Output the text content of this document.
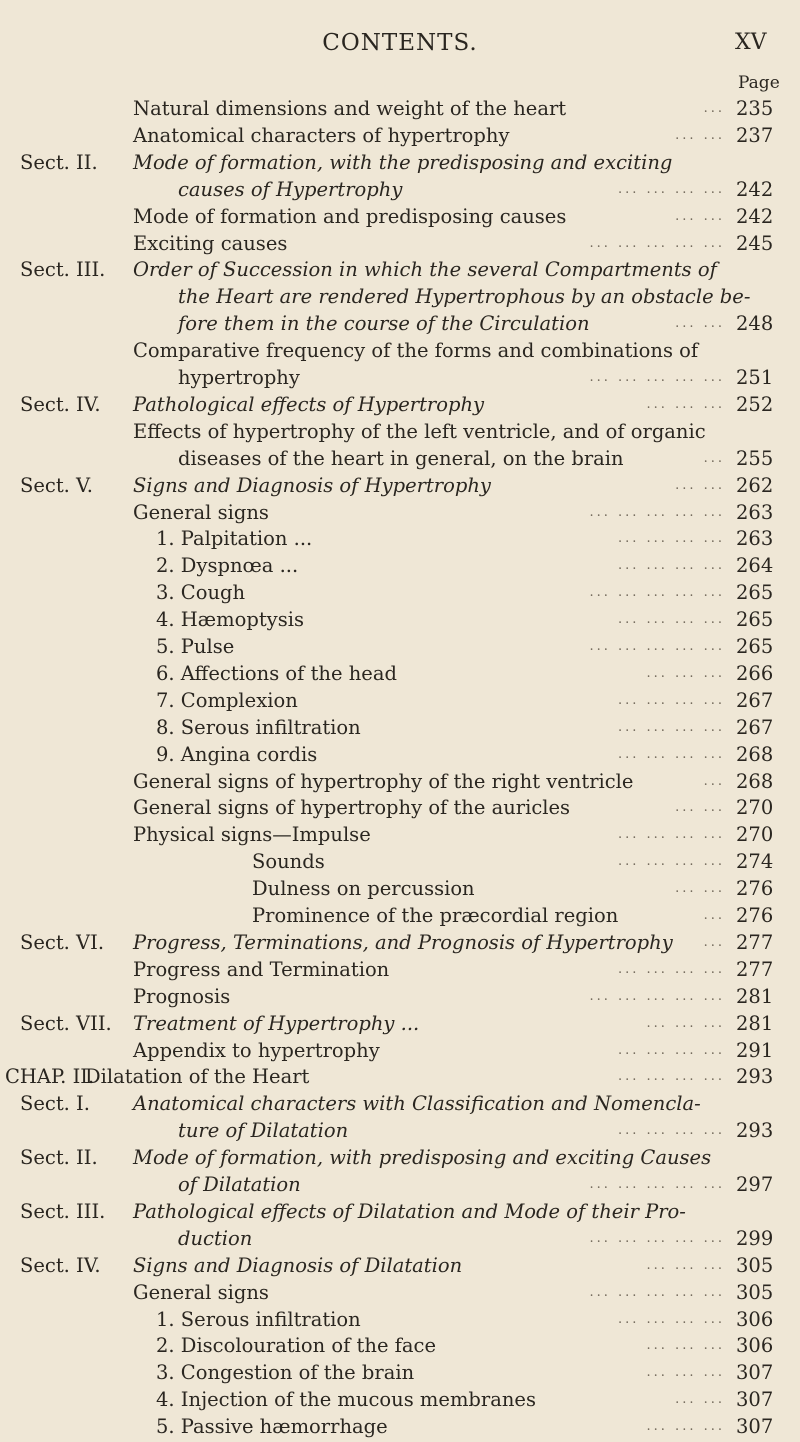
CONTENTS.	XV
Page
Natural dimensions and weight of the heart	... 235
Anatomical characters of hypertrophy	... ... 237
Sect. II. Mode of formation, with the predisposing and exciting
causes of Hypertrophy	... ... ... ... 242
Mode of formation and predisposing causes	... ... 242
Exciting causes	... ... ... ... ... 245
Sect. III. Order of Succession in which the several Compartments of
the Heart are rendered Hypertrophous by an obstacle be-
fore them in the course of the Circulation	... ... 248
Comparative frequency of the forms and combinations of
hypertrophy	... ... ... ... ... 251
Sect. IV. Pathological effects of Hypertrophy	... ... ... 252
Effects of hypertrophy of the left ventricle, and of organic
diseases of the heart in general, on the brain	... 255
Sect. V. Signs and Diagnosis of Hypertrophy	... ... 262
General signs	... ... ... ... ... 263
1. Palpitation ...	... ... ... ... 263
2. Dyspnœa ...	... ... ... ... 264
3. Cough	... ... ... ... ... 265
4. Hæmoptysis	... ... ... ... 265
5. Pulse	... ... ... ... ... 265
6. Affections of the head	... ... ... 266
7. Complexion	... ... ... ... 267
8. Serous infiltration	... ... ... ... 267
9. Angina cordis	... ... ... ... 268
General signs of hypertrophy of the right ventricle	... 268
General signs of hypertrophy of the auricles	... ... 270
Physical signs—Impulse	... ... ... ... 270
Sounds	... ... ... ... 274
Dulness on percussion	... ... 276
Prominence of the præcordial region	... 276
Sect. VI. Progress, Terminations, and Prognosis of Hypertrophy ... 277
Progress and Termination	... ... ... ... 277
Prognosis	... ... ... ... ... 281
Sect. VII. Treatment of Hypertrophy ...	... ... ... 281
Appendix to hypertrophy	... ... ... ... 291
CHAP. II.
Dilatation of the Heart	... ... ... ... 293
Sect. I. Anatomical characters with Classification and Nomencla-
ture of Dilatation	... ... ... ... 293
Sect. II. Mode of formation, with predisposing and exciting Causes
of Dilatation	... ... ... ... ... 297
Sect. III. Pathological effects of Dilatation and Mode of their Pro-
duction	... ... ... ... ... 299
Sect. IV. Signs and Diagnosis of Dilatation	... ... ... 305
General signs	... ... ... ... ... 305
1. Serous infiltration	... ... ... ... 306
2. Discolouration of the face	... ... ... 306
3. Congestion of the brain	... ... ... 307
4. Injection of the mucous membranes	... ... 307
5. Passive hæmorrhage	... ... ... 307
